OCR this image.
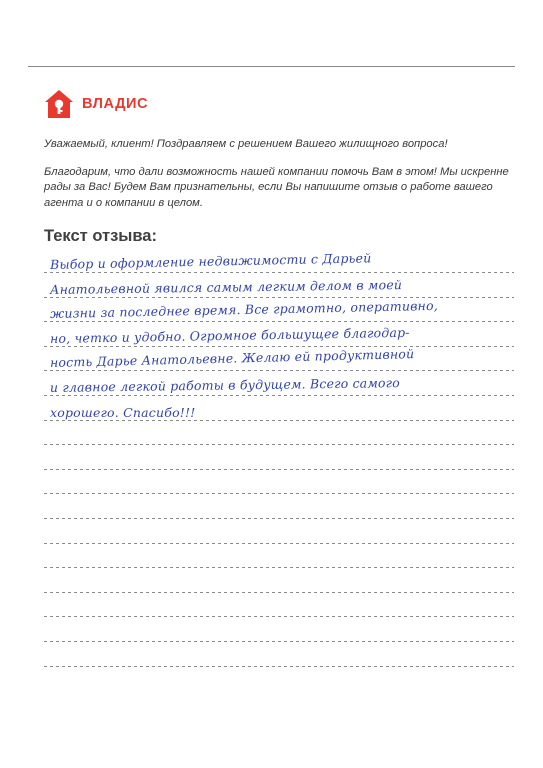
ВЛАДИС

Уважаемый, клиент! Поздравляем с решением Вашего жилищного вопроса!

Благодарим, что дали возможность нашей компании помочь Вам в этом! Мы искренне рады за Вас! Будем Вам признательны, если Вы напишите отзыв о работе вашего агента и о компании в целом.

Текст отзыва:
Выбор и оформление недвижимости с Дарьей
Анатольевной явился самым легким делом в моей
жизни за последнее время. Все грамотно, оперативно,
но, четко и удобно. Огромное большущее благодар-
ность Дарье Анатольевне. Желаю ей продуктивной
и главное легкой работы в будущем. Всего самого
хорошего. Спасибо!!!
